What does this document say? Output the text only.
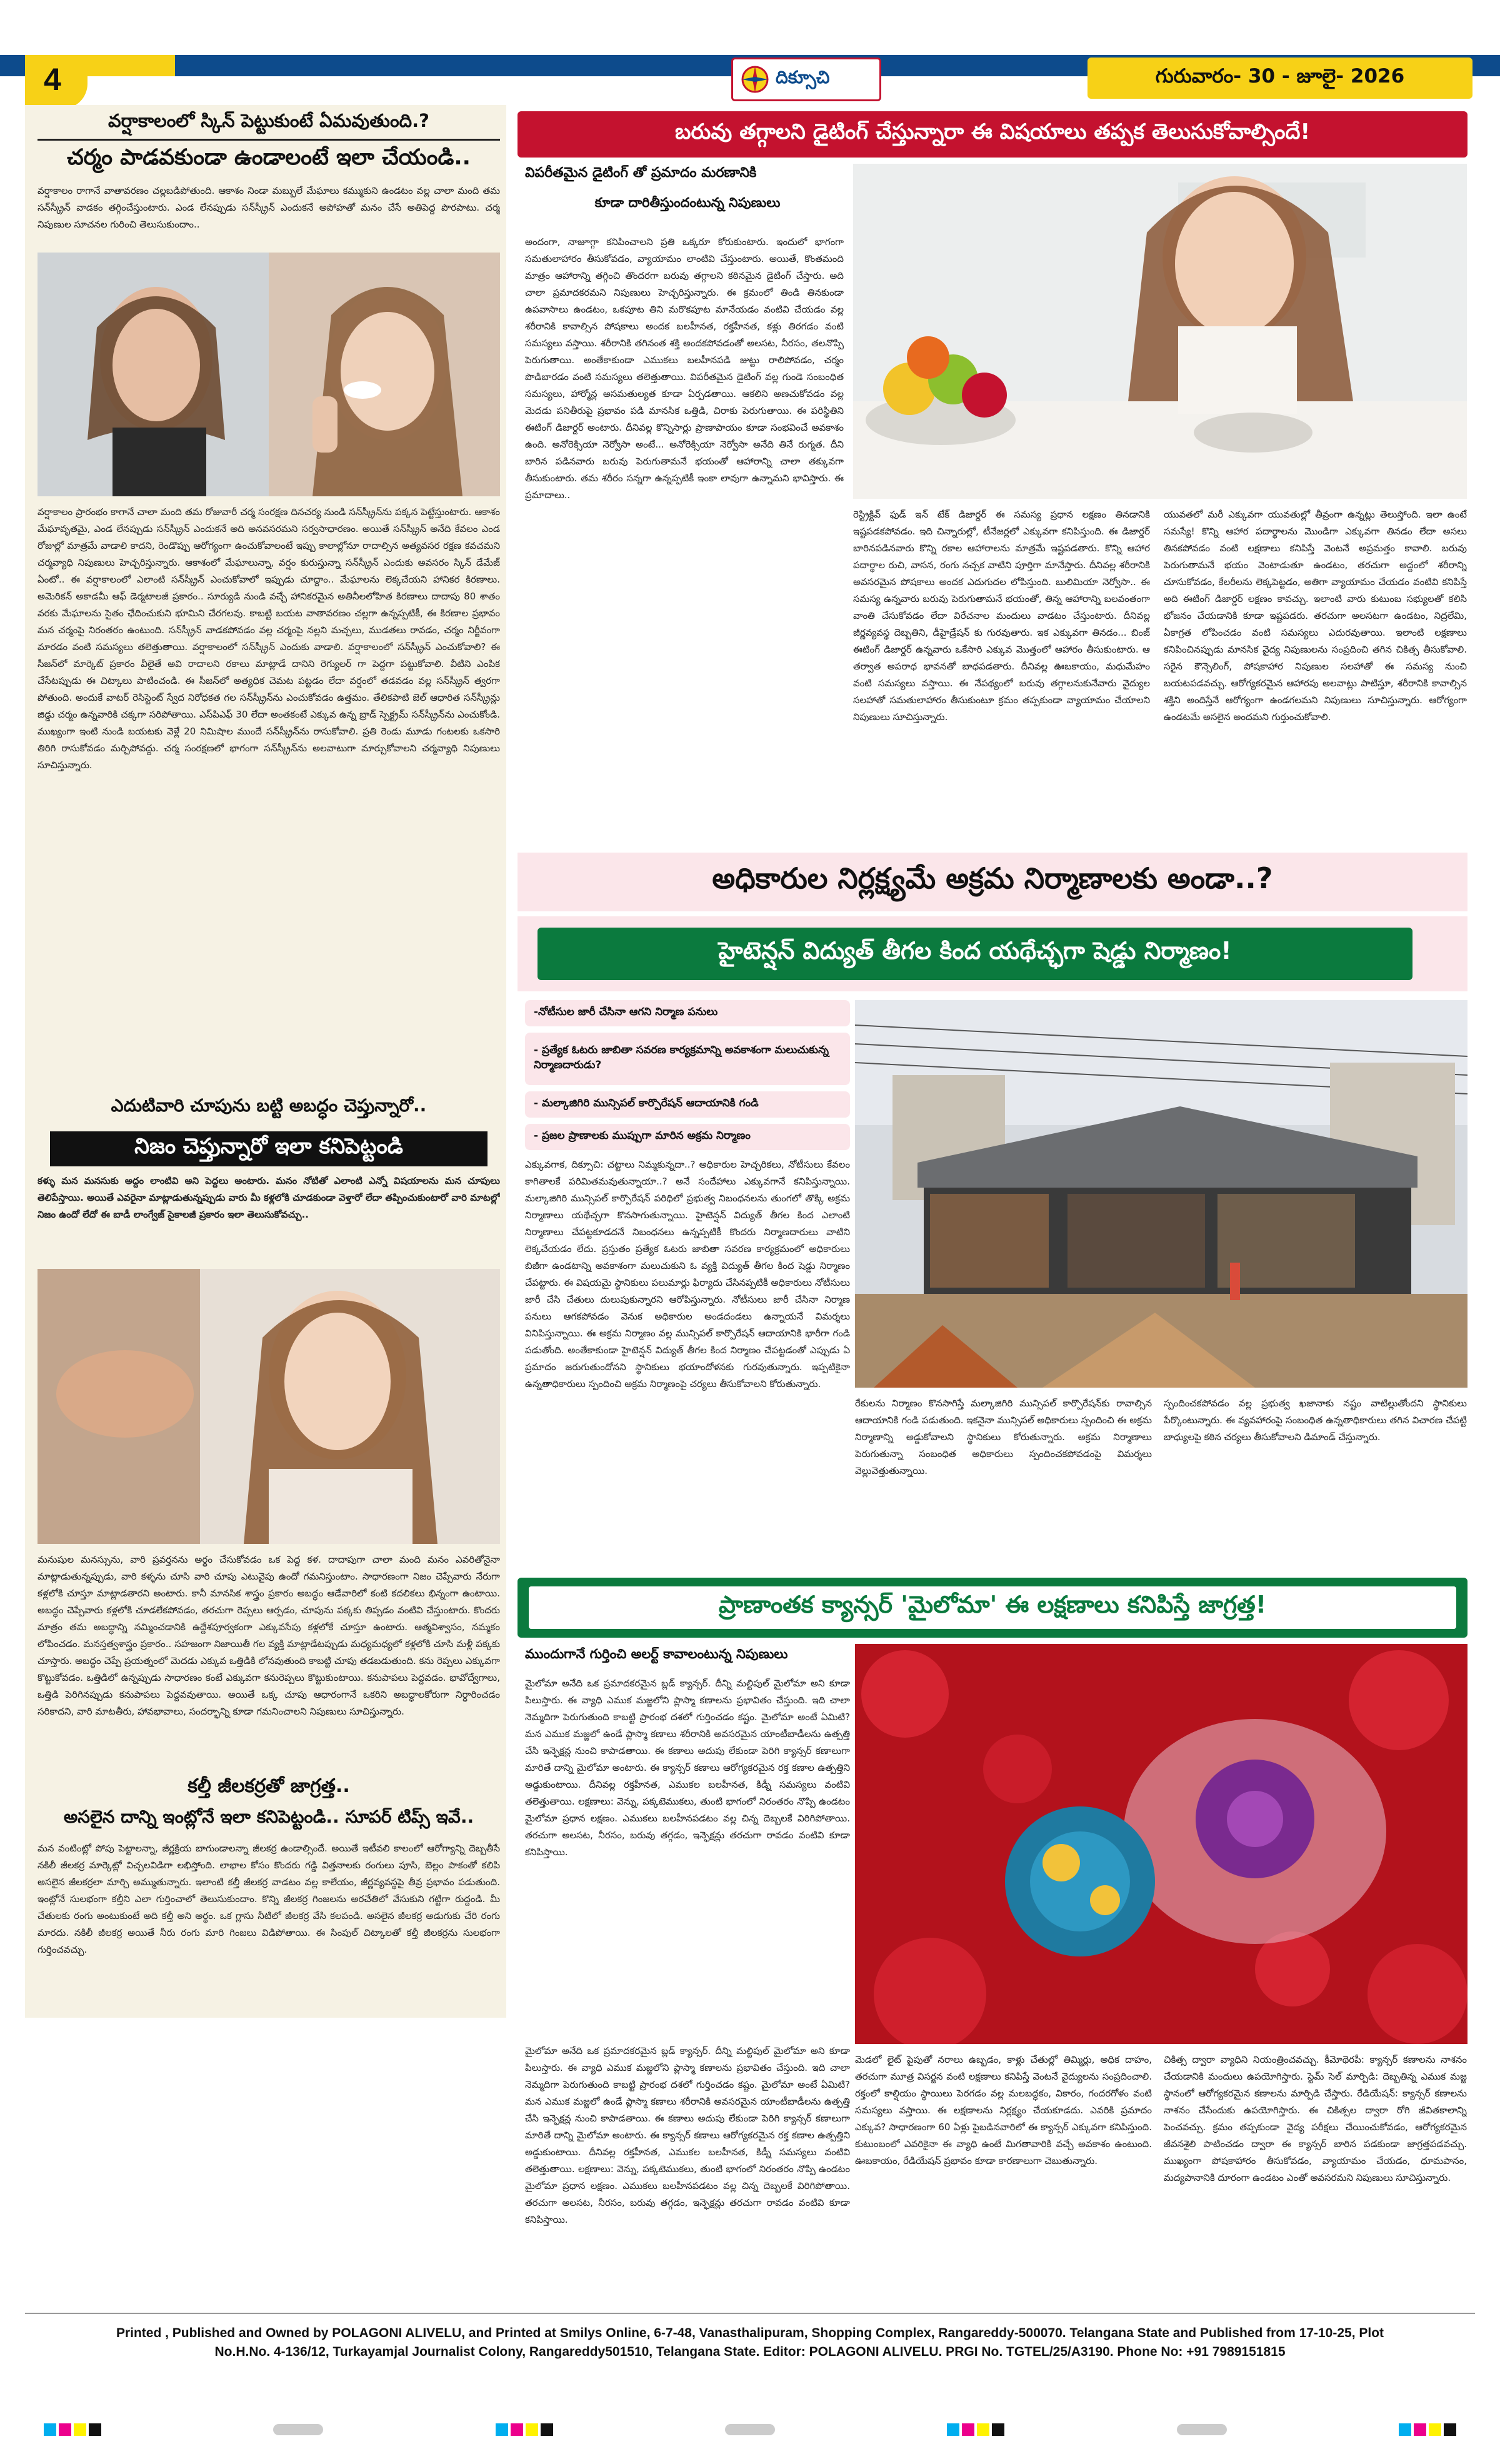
4	దిక్సూచి	గురువారం- 30 - జూలై- 2026
వర్షాకాలంలో స్కిన్ పెట్టుకుంటే ఏమవుతుంది.?
చర్మం పాడవకుండా ఉండాలంటే ఇలా చేయండి..
వర్షాకాలం రాగానే వాతావరణం చల్లబడిపోతుంది. ఆకాశం నిండా మబ్బులే మేఘాలు కమ్ముకుని ఉండటం వల్ల చాలా మంది తమ సన్‌స్క్రీన్ వాడకం తగ్గించేస్తుంటారు. ఎండ లేనప్పుడు సన్‌స్క్రీన్ ఎందుకనే అపోహతో మనం చేసే అతిపెద్ద పొరపాటు. చర్మ నిపుణుల సూచనల గురించి తెలుసుకుందాం..
వర్షాకాలం ప్రారంభం కాగానే చాలా మంది తమ రోజువారీ చర్మ సంరక్షణ దినచర్య నుండి సన్‌స్క్రీన్‌ను పక్కన పెట్టేస్తుంటారు. ఆకాశం మేఘావృతమై, ఎండ లేనప్పుడు సన్‌స్క్రీన్ ఎందుకనే అది అనవసరమని సర్వసాధారణం. అయితే సన్‌స్క్రీన్ అనేది కేవలం ఎండ రోజుల్లో మాత్రమే వాడాలి కాదని, రెండొప్పు ఆరోగ్యంగా ఉంచుకోవాలంటే ఇప్పు కాలాల్లోనూ రాదాల్సిన అత్యవసర రక్షణ కవచమని చర్మవ్యాధి నిపుణులు హెచ్చరిస్తున్నారు. ఆకాశంలో మేఘాలున్నా, వర్షం కురుస్తున్నా సన్‌స్క్రీన్ ఎందుకు అవసరం స్కిన్ డేమేజ్ ఏంటో.. ఈ వర్షాకాలంలో ఎలాంటి సన్‌స్క్రీన్ ఎంచుకోవాలో ఇప్పుడు చూద్దాం.. మేఘాలను లెక్కచేయని హానికర కిరణాలు. అమెరికన్ అకాడమీ ఆఫ్ డెర్మటాలజీ ప్రకారం.. సూర్యుడి నుండి వచ్చే హానికరమైన అతినీలలోహిత కిరణాలు దాదాపు 80 శాతం వరకు మేఘాలను సైతం ఛేదించుకుని భూమిని చేరగలవు. కాబట్టి బయట వాతావరణం చల్లగా ఉన్నప్పటికీ, ఈ కిరణాల ప్రభావం మన చర్మంపై నిరంతరం ఉంటుంది. సన్‌స్క్రీన్ వాడకపోవడం వల్ల చర్మంపై నల్లని మచ్చలు, ముడతలు రావడం, చర్మం నిర్జీవంగా మారడం వంటి సమస్యలు తలెత్తుతాయి. వర్షాకాలంలో సన్‌స్క్రీన్ ఎందుకు వాడాలి. వర్షాకాలంలో సన్‌స్క్రీన్ ఎంచుకోవాలి? ఈ సీజన్‌లో మార్కెట్ ప్రకారం వీలైతే అవి రాదాలని రకాలు మాట్లాడే దానిని రెగ్యులర్ గా పెద్దగా పట్టుకోవాలి. వీటిని ఎంపిక చేసేటప్పుడు ఈ చిట్కాలు పాటించండి. ఈ సీజన్‌లో అత్యధిక చెమట పట్టడం లేదా వర్షంలో తడవడం వల్ల సన్‌స్క్రీన్ త్వరగా పోతుంది. అందుకే వాటర్ రెసిస్టెంట్ స్వేద నిరోధకత గల సన్‌స్క్రీన్‌ను ఎంచుకోవడం ఉత్తమం. తేలికపాటి జెల్ ఆధారిత సన్‌స్క్రీన్లు జిడ్డు చర్మం ఉన్నవారికి చక్కగా సరిపోతాయి. ఎస్‌పిఎఫ్ 30 లేదా అంతకంటే ఎక్కువ ఉన్న బ్రాడ్ స్పెక్ట్రమ్ సన్‌స్క్రీన్‌ను ఎంచుకోండి. ముఖ్యంగా ఇంటి నుండి బయటకు వెళ్లే 20 నిమిషాల ముందే సన్‌స్క్రీన్‌ను రాసుకోవాలి. ప్రతి రెండు మూడు గంటలకు ఒకసారి తిరిగి రాసుకోవడం మర్చిపోవద్దు. చర్మ సంరక్షణలో భాగంగా సన్‌స్క్రీన్‌ను అలవాటుగా మార్చుకోవాలని చర్మవ్యాధి నిపుణులు సూచిస్తున్నారు.
ఎదుటివారి చూపును బట్టి అబద్ధం చెప్తున్నారో..
నిజం చెప్తున్నారో ఇలా కనిపెట్టండి
కళ్ళు మన మనసుకు అద్దం లాంటివి అని పెద్దలు అంటారు. మనం నోటితో ఎలాంటి ఎన్నో విషయాలను మన చూపులు తెలిపేస్తాయి. అయితే ఎవరైనా మాట్లాడుతున్నప్పుడు వారు మీ కళ్లలోకి చూడకుండా వెళ్తారో లేదా తప్పించుకుంటారో వారి మాటల్లో నిజం ఉందో లేదో ఈ బాడీ లాంగ్వేజ్ సైకాలజీ ప్రకారం ఇలా తెలుసుకోవచ్చు..
మనుషుల మనస్సును, వారి ప్రవర్తనను అర్థం చేసుకోవడం ఒక పెద్ద కళ. దాదాపుగా చాలా మంది మనం ఎవరితోనైనా మాట్లాడుతున్నప్పుడు, వారి కళ్ళను చూసి వారి చూపు ఎటువైపు ఉందో గమనిస్తుంటాం. సాధారణంగా నిజం చెప్పేవారు నేరుగా కళ్లలోకి చూస్తూ మాట్లాడతారని అంటారు. కానీ మానసిక శాస్త్రం ప్రకారం అబద్ధం ఆడేవారిలో కంటి కదలికలు భిన్నంగా ఉంటాయి. అబద్ధం చెప్పేవారు కళ్లలోకి చూడలేకపోవడం, తరచుగా రెప్పలు ఆర్పడం, చూపును పక్కకు తిప్పడం వంటివి చేస్తుంటారు. కొందరు మాత్రం తమ అబద్ధాన్ని నమ్మించడానికి ఉద్దేశపూర్వకంగా ఎక్కువసేపు కళ్లలోకే చూస్తూ ఉంటారు. ఆత్మవిశ్వాసం, నమ్మకం లోపించడం. మనస్తత్వశాస్త్రం ప్రకారం.. సహజంగా నిజాయితీ గల వ్యక్తి మాట్లాడేటప్పుడు మధ్యమధ్యలో కళ్లలోకి చూసి మళ్లీ పక్కకు చూస్తారు. అబద్ధం చెప్పే ప్రయత్నంలో మెదడు ఎక్కువ ఒత్తిడికి లోనవుతుంది కాబట్టి చూపు తడబడుతుంది. కను రెప్పలు ఎక్కువగా కొట్టుకోవడం. ఒత్తిడిలో ఉన్నప్పుడు సాధారణం కంటే ఎక్కువగా కనురెప్పలు కొట్టుకుంటాయి. కనుపాపలు పెద్దవడం. భావోద్వేగాలు, ఒత్తిడి పెరిగినప్పుడు కనుపాపలు పెద్దవవుతాయి. అయితే ఒక్క చూపు ఆధారంగానే ఒకరిని అబద్ధాలకోరుగా నిర్ధారించడం సరికాదని, వారి మాటతీరు, హావభావాలు, సందర్భాన్ని కూడా గమనించాలని నిపుణులు సూచిస్తున్నారు.
కల్తీ జీలకర్రతో జాగ్రత్త..
అసలైన దాన్ని ఇంట్లోనే ఇలా కనిపెట్టండి.. సూపర్ టిప్స్ ఇవే..
మన వంటింట్లో పోపు పెట్టాలన్నా, జీర్ణక్రియ బాగుండాలన్నా జీలకర్ర ఉండాల్సిందే. అయితే ఇటీవలి కాలంలో ఆరోగ్యాన్ని దెబ్బతీసే నకిలీ జీలకర్ర మార్కెట్లో విచ్చలవిడిగా లభిస్తోంది. లాభాల కోసం కొందరు గడ్డి విత్తనాలకు రంగులు పూసి, బెల్లం పాకంతో కలిపి అసలైన జీలకర్రలా మార్చి అమ్ముతున్నారు. ఇలాంటి కల్తీ జీలకర్ర వాడటం వల్ల కాలేయం, జీర్ణవ్యవస్థపై తీవ్ర ప్రభావం పడుతుంది. ఇంట్లోనే సులభంగా కల్తీని ఎలా గుర్తించాలో తెలుసుకుందాం. కొన్ని జీలకర్ర గింజలను అరచేతిలో వేసుకుని గట్టిగా రుద్దండి. మీ చేతులకు రంగు అంటుకుంటే అది కల్తీ అని అర్థం. ఒక గ్లాసు నీటిలో జీలకర్ర వేసి కలపండి. అసలైన జీలకర్ర అడుగుకు చేరి రంగు మారదు. నకిలీ జీలకర్ర అయితే నీరు రంగు మారి గింజలు విడిపోతాయి. ఈ సింపుల్ చిట్కాలతో కల్తీ జీలకర్రను సులభంగా గుర్తించవచ్చు.
బరువు తగ్గాలని డైటింగ్ చేస్తున్నారా ఈ విషయాలు తప్పక తెలుసుకోవాల్సిందే!
విపరీతమైన డైటింగ్ తో ప్రమాదం మరణానికి
కూడా దారితీస్తుందంటున్న నిపుణులు
అందంగా, నాజూగ్గా కనిపించాలని ప్రతి ఒక్కరూ కోరుకుంటారు. ఇందులో భాగంగా సమతులాహారం తీసుకోవడం, వ్యాయామం లాంటివి చేస్తుంటారు. అయితే, కొంతమంది మాత్రం ఆహారాన్ని తగ్గించి తొందరగా బరువు తగ్గాలని కఠినమైన డైటింగ్ చేస్తారు. అది చాలా ప్రమాదకరమని నిపుణులు హెచ్చరిస్తున్నారు. ఈ క్రమంలో తిండి తినకుండా ఉపవాసాలు ఉండటం, ఒకపూట తిని మరొకపూట మానేయడం వంటివి చేయడం వల్ల శరీరానికి కావాల్సిన పోషకాలు అందక బలహీనత, రక్తహీనత, కళ్లు తిరగడం వంటి సమస్యలు వస్తాయి. శరీరానికి తగినంత శక్తి అందకపోవడంతో అలసట, నీరసం, తలనొప్పి పెరుగుతాయి. అంతేకాకుండా ఎముకలు బలహీనపడి జుట్టు రాలిపోవడం, చర్మం పొడిబారడం వంటి సమస్యలు తలెత్తుతాయి. విపరీతమైన డైటింగ్ వల్ల గుండె సంబంధిత సమస్యలు, హార్మోన్ల అసమతుల్యత కూడా ఏర్పడతాయి. ఆకలిని అణచుకోవడం వల్ల మెదడు పనితీరుపై ప్రభావం పడి మానసిక ఒత్తిడి, చిరాకు పెరుగుతాయి. ఈ పరిస్థితిని ఈటింగ్ డిజార్డర్ అంటారు. దీనివల్ల కొన్నిసార్లు ప్రాణాపాయం కూడా సంభవించే అవకాశం ఉంది. అనోరెక్సియా నెర్వోసా అంటే... అనోరెక్సియా నెర్వోసా అనేది తినే రుగ్మత. దీని బారిన పడినవారు బరువు పెరుగుతామనే భయంతో ఆహారాన్ని చాలా తక్కువగా తీసుకుంటారు. తమ శరీరం సన్నగా ఉన్నప్పటికీ ఇంకా లావుగా ఉన్నామని భావిస్తారు. ఈ ప్రమాదాలు..
రెస్ట్రిక్టివ్ ఫుడ్ ఇన్ టేక్ డిజార్డర్ ఈ సమస్య ప్రధాన లక్షణం తినడానికి ఇష్టపడకపోవడం. ఇది చిన్నారుల్లో, టీనేజర్లలో ఎక్కువగా కనిపిస్తుంది. ఈ డిజార్డర్ బారినపడినవారు కొన్ని రకాల ఆహారాలను మాత్రమే ఇష్టపడతారు. కొన్ని ఆహార పదార్థాల రుచి, వాసన, రంగు నచ్చక వాటిని పూర్తిగా మానేస్తారు. దీనివల్ల శరీరానికి అవసరమైన పోషకాలు అందక ఎదుగుదల లోపిస్తుంది. బులిమియా నెర్వోసా.. ఈ సమస్య ఉన్నవారు బరువు పెరుగుతామనే భయంతో, తిన్న ఆహారాన్ని బలవంతంగా వాంతి చేసుకోవడం లేదా విరేచనాల మందులు వాడటం చేస్తుంటారు. దీనివల్ల జీర్ణవ్యవస్థ దెబ్బతిని, డీహైడ్రేషన్ కు గురవుతారు. ఇక ఎక్కువగా తినడం... బింజ్ ఈటింగ్ డిజార్డర్ ఉన్నవారు ఒకేసారి ఎక్కువ మొత్తంలో ఆహారం తీసుకుంటారు. ఆ తర్వాత అపరాధ భావనతో బాధపడతారు. దీనివల్ల ఊబకాయం, మధుమేహం వంటి సమస్యలు వస్తాయి. ఈ నేపథ్యంలో బరువు తగ్గాలనుకునేవారు వైద్యుల సలహాతో సమతులాహారం తీసుకుంటూ క్రమం తప్పకుండా వ్యాయామం చేయాలని నిపుణులు సూచిస్తున్నారు.
యువతలో మరీ ఎక్కువగా యువతుల్లో తీవ్రంగా ఉన్నట్లు తెలుస్తోంది. ఇలా ఉంటే సమస్యే! కొన్ని ఆహార పదార్థాలను మొండిగా ఎక్కువగా తినడం లేదా అసలు తినకపోవడం వంటి లక్షణాలు కనిపిస్తే వెంటనే అప్రమత్తం కావాలి. బరువు పెరుగుతామనే భయం వెంటాడుతూ ఉండటం, తరచుగా అద్దంలో శరీరాన్ని చూసుకోవడం, కేలరీలను లెక్కపెట్టడం, అతిగా వ్యాయామం చేయడం వంటివి కనిపిస్తే అది ఈటింగ్ డిజార్డర్ లక్షణం కావచ్చు. ఇలాంటి వారు కుటుంబ సభ్యులతో కలిసి భోజనం చేయడానికి కూడా ఇష్టపడరు. తరచుగా అలసటగా ఉండటం, నిద్రలేమి, ఏకాగ్రత లోపించడం వంటి సమస్యలు ఎదురవుతాయి. ఇలాంటి లక్షణాలు కనిపించినప్పుడు మానసిక వైద్య నిపుణులను సంప్రదించి తగిన చికిత్స తీసుకోవాలి. సరైన కౌన్సెలింగ్, పోషకాహార నిపుణుల సలహాతో ఈ సమస్య నుంచి బయటపడవచ్చు. ఆరోగ్యకరమైన ఆహారపు అలవాట్లు పాటిస్తూ, శరీరానికి కావాల్సిన శక్తిని అందిస్తేనే ఆరోగ్యంగా ఉండగలమని నిపుణులు సూచిస్తున్నారు. ఆరోగ్యంగా ఉండటమే అసలైన అందమని గుర్తుంచుకోవాలి.
అధికారుల నిర్లక్ష్యమే అక్రమ నిర్మాణాలకు అండా..?
హైటెన్షన్ విద్యుత్ తీగల కింద యథేచ్ఛగా షెడ్డు నిర్మాణం!
-నోటీసుల జారీ చేసినా ఆగని నిర్మాణ పనులు
- ప్రత్యేక ఓటరు జాబితా సవరణ కార్యక్రమాన్ని అవకాశంగా మలుచుకున్న నిర్మాణదారుడు?
- మల్కాజిగిరి మున్సిపల్ కార్పొరేషన్ ఆదాయానికి గండి
- ప్రజల ప్రాణాలకు ముప్పుగా మారిన అక్రమ నిర్మాణం
ఎక్కువగాక, దిక్సూచి: చట్టాలు నిమ్మకున్నదా..? అధికారుల హెచ్చరికలు, నోటీసులు కేవలం కాగితాలకే పరిమితమవుతున్నాయా..? అనే సందేహాలు ఎక్కువగానే కనిపిస్తున్నాయి. మల్కాజిగిరి మున్సిపల్ కార్పొరేషన్ పరిధిలో ప్రభుత్వ నిబంధనలను తుంగలో తొక్కి అక్రమ నిర్మాణాలు యథేచ్ఛగా కొనసాగుతున్నాయి. హైటెన్షన్ విద్యుత్ తీగల కింద ఎలాంటి నిర్మాణాలు చేపట్టకూడదనే నిబంధనలు ఉన్నప్పటికీ కొందరు నిర్మాణదారులు వాటిని లెక్కచేయడం లేదు. ప్రస్తుతం ప్రత్యేక ఓటరు జాబితా సవరణ కార్యక్రమంలో అధికారులు బిజీగా ఉండటాన్ని అవకాశంగా మలుచుకుని ఓ వ్యక్తి విద్యుత్ తీగల కింద షెడ్డు నిర్మాణం చేపట్టారు. ఈ విషయమై స్థానికులు పలుమార్లు ఫిర్యాదు చేసినప్పటికీ అధికారులు నోటీసులు జారీ చేసి చేతులు దులుపుకున్నారని ఆరోపిస్తున్నారు. నోటీసులు జారీ చేసినా నిర్మాణ పనులు ఆగకపోవడం వెనుక అధికారుల అండదండలు ఉన్నాయనే విమర్శలు వినిపిస్తున్నాయి. ఈ అక్రమ నిర్మాణం వల్ల మున్సిపల్ కార్పొరేషన్ ఆదాయానికి భారీగా గండి పడుతోంది. అంతేకాకుండా హైటెన్షన్ విద్యుత్ తీగల కింద నిర్మాణం చేపట్టడంతో ఎప్పుడు ఏ ప్రమాదం జరుగుతుందోనని స్థానికులు భయాందోళనకు గురవుతున్నారు. ఇప్పటికైనా ఉన్నతాధికారులు స్పందించి అక్రమ నిర్మాణంపై చర్యలు తీసుకోవాలని కోరుతున్నారు.
రేకులను నిర్మాణం కొనసాగిస్తే మల్కాజిగిరి మున్సిపల్ కార్పొరేషన్‌కు రావాల్సిన ఆదాయానికి గండి పడుతుంది. ఇకనైనా మున్సిపల్ అధికారులు స్పందించి ఈ అక్రమ నిర్మాణాన్ని అడ్డుకోవాలని స్థానికులు కోరుతున్నారు. అక్రమ నిర్మాణాలు పెరుగుతున్నా సంబంధిత అధికారులు స్పందించకపోవడంపై విమర్శలు వెల్లువెత్తుతున్నాయి.
స్పందించకపోవడం వల్ల ప్రభుత్వ ఖజానాకు నష్టం వాటిల్లుతోందని స్థానికులు పేర్కొంటున్నారు. ఈ వ్యవహారంపై సంబంధిత ఉన్నతాధికారులు తగిన విచారణ చేపట్టి బాధ్యులపై కఠిన చర్యలు తీసుకోవాలని డిమాండ్ చేస్తున్నారు.
ప్రాణాంతక క్యాన్సర్ 'మైలోమా' ఈ లక్షణాలు కనిపిస్తే జాగ్రత్త!
ముందుగానే గుర్తించి అలర్ట్ కావాలంటున్న నిపుణులు
మైలోమా అనేది ఒక ప్రమాదకరమైన బ్లడ్ క్యాన్సర్. దీన్ని మల్టిపుల్ మైలోమా అని కూడా పిలుస్తారు. ఈ వ్యాధి ఎముక మజ్జలోని ప్లాస్మా కణాలను ప్రభావితం చేస్తుంది. ఇది చాలా నెమ్మదిగా పెరుగుతుంది కాబట్టి ప్రారంభ దశలో గుర్తించడం కష్టం. మైలోమా అంటే ఏమిటి? మన ఎముక మజ్జలో ఉండే ప్లాస్మా కణాలు శరీరానికి అవసరమైన యాంటీబాడీలను ఉత్పత్తి చేసి ఇన్ఫెక్షన్ల నుంచి కాపాడతాయి. ఈ కణాలు అదుపు లేకుండా పెరిగి క్యాన్సర్ కణాలుగా మారితే దాన్ని మైలోమా అంటారు. ఈ క్యాన్సర్ కణాలు ఆరోగ్యకరమైన రక్త కణాల ఉత్పత్తిని అడ్డుకుంటాయి. దీనివల్ల రక్తహీనత, ఎముకల బలహీనత, కిడ్నీ సమస్యలు వంటివి తలెత్తుతాయి. లక్షణాలు: వెన్ను, పక్కటెముకలు, తుంటి భాగంలో నిరంతరం నొప్పి ఉండటం మైలోమా ప్రధాన లక్షణం. ఎముకలు బలహీనపడటం వల్ల చిన్న దెబ్బలకే విరిగిపోతాయి. తరచుగా అలసట, నీరసం, బరువు తగ్గడం, ఇన్ఫెక్షన్లు తరచుగా రావడం వంటివి కూడా కనిపిస్తాయి.
మెడలో లైట్ పైపుతో నరాలు ఉబ్బడం, కాళ్లు చేతుల్లో తిమ్మిర్లు, అధిక దాహం, తరచుగా మూత్ర విసర్జన వంటి లక్షణాలు కనిపిస్తే వెంటనే వైద్యులను సంప్రదించాలి. రక్తంలో కాల్షియం స్థాయిలు పెరగడం వల్ల మలబద్ధకం, వికారం, గందరగోళం వంటి సమస్యలు వస్తాయి. ఈ లక్షణాలను నిర్లక్ష్యం చేయకూడదు. ఎవరికి ప్రమాదం ఎక్కువ? సాధారణంగా 60 ఏళ్లు పైబడినవారిలో ఈ క్యాన్సర్ ఎక్కువగా కనిపిస్తుంది. కుటుంబంలో ఎవరికైనా ఈ వ్యాధి ఉంటే మిగతావారికి వచ్చే అవకాశం ఉంటుంది. ఊబకాయం, రేడియేషన్ ప్రభావం కూడా కారణాలుగా చెబుతున్నారు.
చికిత్స ద్వారా వ్యాధిని నియంత్రించవచ్చు. కీమోథెరపీ: క్యాన్సర్ కణాలను నాశనం చేయడానికి మందులు ఉపయోగిస్తారు. స్టెమ్ సెల్ మార్పిడి: దెబ్బతిన్న ఎముక మజ్జ స్థానంలో ఆరోగ్యకరమైన కణాలను మార్పిడి చేస్తారు. రేడియేషన్: క్యాన్సర్ కణాలను నాశనం చేసేందుకు ఉపయోగిస్తారు. ఈ చికిత్సల ద్వారా రోగి జీవితకాలాన్ని పెంచవచ్చు. క్రమం తప్పకుండా వైద్య పరీక్షలు చేయించుకోవడం, ఆరోగ్యకరమైన జీవనశైలి పాటించడం ద్వారా ఈ క్యాన్సర్ బారిన పడకుండా జాగ్రత్తపడవచ్చు. ముఖ్యంగా పోషకాహారం తీసుకోవడం, వ్యాయామం చేయడం, ధూమపానం, మద్యపానానికి దూరంగా ఉండటం ఎంతో అవసరమని నిపుణులు సూచిస్తున్నారు.
మైలోమా అనేది ఒక ప్రమాదకరమైన బ్లడ్ క్యాన్సర్. దీన్ని మల్టిపుల్ మైలోమా అని కూడా పిలుస్తారు. ఈ వ్యాధి ఎముక మజ్జలోని ప్లాస్మా కణాలను ప్రభావితం చేస్తుంది. ఇది చాలా నెమ్మదిగా పెరుగుతుంది కాబట్టి ప్రారంభ దశలో గుర్తించడం కష్టం. మైలోమా అంటే ఏమిటి? మన ఎముక మజ్జలో ఉండే ప్లాస్మా కణాలు శరీరానికి అవసరమైన యాంటీబాడీలను ఉత్పత్తి చేసి ఇన్ఫెక్షన్ల నుంచి కాపాడతాయి. ఈ కణాలు అదుపు లేకుండా పెరిగి క్యాన్సర్ కణాలుగా మారితే దాన్ని మైలోమా అంటారు. ఈ క్యాన్సర్ కణాలు ఆరోగ్యకరమైన రక్త కణాల ఉత్పత్తిని అడ్డుకుంటాయి. దీనివల్ల రక్తహీనత, ఎముకల బలహీనత, కిడ్నీ సమస్యలు వంటివి తలెత్తుతాయి. లక్షణాలు: వెన్ను, పక్కటెముకలు, తుంటి భాగంలో నిరంతరం నొప్పి ఉండటం మైలోమా ప్రధాన లక్షణం. ఎముకలు బలహీనపడటం వల్ల చిన్న దెబ్బలకే విరిగిపోతాయి. తరచుగా అలసట, నీరసం, బరువు తగ్గడం, ఇన్ఫెక్షన్లు తరచుగా రావడం వంటివి కూడా కనిపిస్తాయి.
Printed , Published and Owned by POLAGONI ALIVELU, and Printed at Smilys Online, 6-7-48, Vanasthalipuram, Shopping Complex, Rangareddy-500070. Telangana State and Published from 17-10-25, Plot
No.H.No. 4-136/12, Turkayamjal Journalist Colony, Rangareddy501510, Telangana State. Editor: POLAGONI ALIVELU. PRGI No. TGTEL/25/A3190. Phone No: +91 7989151815
